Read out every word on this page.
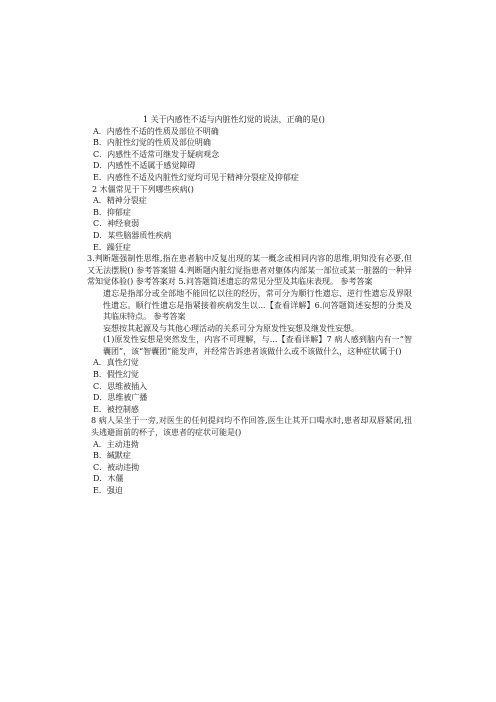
1 关于内感性不适与内脏性幻觉的说法，正确的是()
A．内感性不适的性质及部位不明确
B．内脏性幻觉的性质及部位明确
C．内感性不适常可继发于疑病观念
D．内感性不适属于感觉障碍
E．内感性不适及内脏性幻觉均可见于精神分裂症及抑郁症
2 木僵常见于下列哪些疾病()
A．精神分裂症
B．抑郁症
C．神经衰弱
D．某些脑器质性疾病
E．躁狂症
3.判断题强制性思维,指在患者脑中反复出现的某一概念或相同内容的思维,明知没有必要,但又无法摆脱() 参考答案错 4.判断题内脏幻觉指患者对躯体内部某一部位或某一脏器的一种异常知觉体验() 参考答案对 5.问答题简述遗忘的常见分型及其临床表现。 参考答案
遗忘是指部分或全部地不能回忆以往的经历，常可分为顺行性遗忘、逆行性遗忘及界限性遗忘。顺行性遗忘是指紧接着疾病发生以...【查看详解】6.问答题简述妄想的分类及其临床特点。 参考答案
妄想按其起源及与其他心理活动的关系可分为原发性妄想及继发性妄想。
(1)原发性妄想是突然发生，内容不可理解，与...【查看详解】7 病人感到脑内有一“智囊团”，该“智囊团”能发声，并经常告诉患者该做什么或不该做什么，这种症状属于()
A．真性幻觉
B．假性幻觉
C．思维被插入
D．思维被广播
E．被控制感
8 病人呆坐于一旁,对医生的任何提问均不作回答,医生让其开口喝水时,患者却双唇紧闭,扭头逃避面前的杯子，该患者的症状可能是()
A．主动违拗
B．缄默症
C．被动违拗
D．木僵
E．强迫
